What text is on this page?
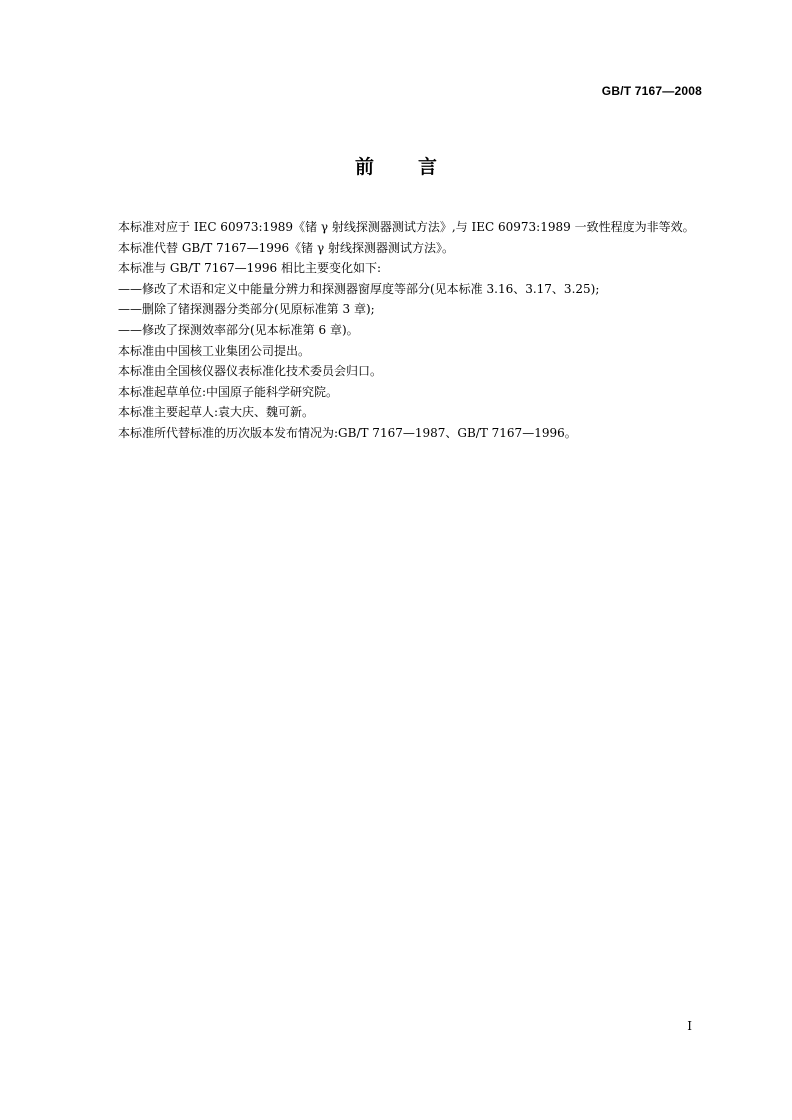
GB/T 7167—2008
前言

本标准对应于 IEC 60973:1989《锗 γ 射线探测器测试方法》,与 IEC 60973:1989 一致性程度为非等效。

本标准代替 GB/T 7167—1996《锗 γ 射线探测器测试方法》。

本标准与 GB/T 7167—1996 相比主要变化如下:

——修改了术语和定义中能量分辨力和探测器窗厚度等部分(见本标准 3.16、3.17、3.25);

——删除了锗探测器分类部分(见原标准第 3 章);

——修改了探测效率部分(见本标准第 6 章)。

本标准由中国核工业集团公司提出。

本标准由全国核仪器仪表标准化技术委员会归口。

本标准起草单位:中国原子能科学研究院。

本标准主要起草人:袁大庆、魏可新。

本标准所代替标准的历次版本发布情况为:GB/T 7167—1987、GB/T 7167—1996。

I
